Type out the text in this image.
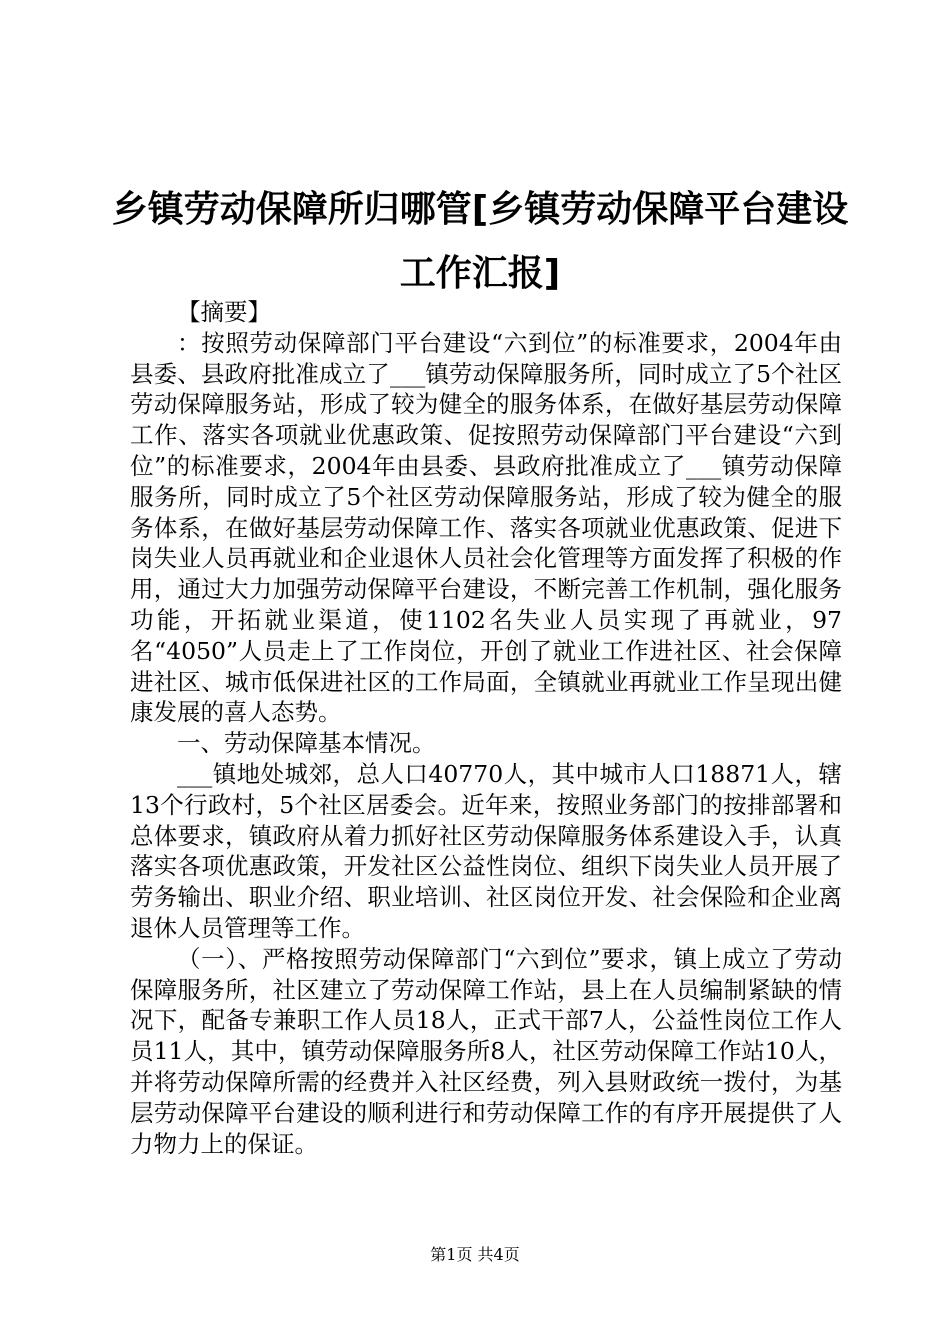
乡镇劳动保障所归哪管[乡镇劳动保障平台建设工作汇报]

【摘要】

：按照劳动保障部门平台建设“六到位”的标准要求，2004年由县委、县政府批准成立了___镇劳动保障服务所，同时成立了5个社区劳动保障服务站，形成了较为健全的服务体系，在做好基层劳动保障工作、落实各项就业优惠政策、促按照劳动保障部门平台建设“六到位”的标准要求，2004年由县委、县政府批准成立了___镇劳动保障服务所，同时成立了5个社区劳动保障服务站，形成了较为健全的服务体系，在做好基层劳动保障工作、落实各项就业优惠政策、促进下岗失业人员再就业和企业退休人员社会化管理等方面发挥了积极的作用，通过大力加强劳动保障平台建设，不断完善工作机制，强化服务功能，开拓就业渠道，使1102名失业人员实现了再就业，97名“4050”人员走上了工作岗位，开创了就业工作进社区、社会保障进社区、城市低保进社区的工作局面，全镇就业再就业工作呈现出健康发展的喜人态势。

一、劳动保障基本情况。

___镇地处城郊，总人口40770人，其中城市人口18871人，辖13个行政村，5个社区居委会。近年来，按照业务部门的按排部署和总体要求，镇政府从着力抓好社区劳动保障服务体系建设入手，认真落实各项优惠政策，开发社区公益性岗位、组织下岗失业人员开展了劳务输出、职业介绍、职业培训、社区岗位开发、社会保险和企业离退休人员管理等工作。

（一）、严格按照劳动保障部门“六到位”要求，镇上成立了劳动保障服务所，社区建立了劳动保障工作站，县上在人员编制紧缺的情况下，配备专兼职工作人员18人，正式干部7人，公益性岗位工作人员11人，其中，镇劳动保障服务所8人，社区劳动保障工作站10人，并将劳动保障所需的经费并入社区经费，列入县财政统一拨付，为基层劳动保障平台建设的顺利进行和劳动保障工作的有序开展提供了人力物力上的保证。

第1页 共4页
